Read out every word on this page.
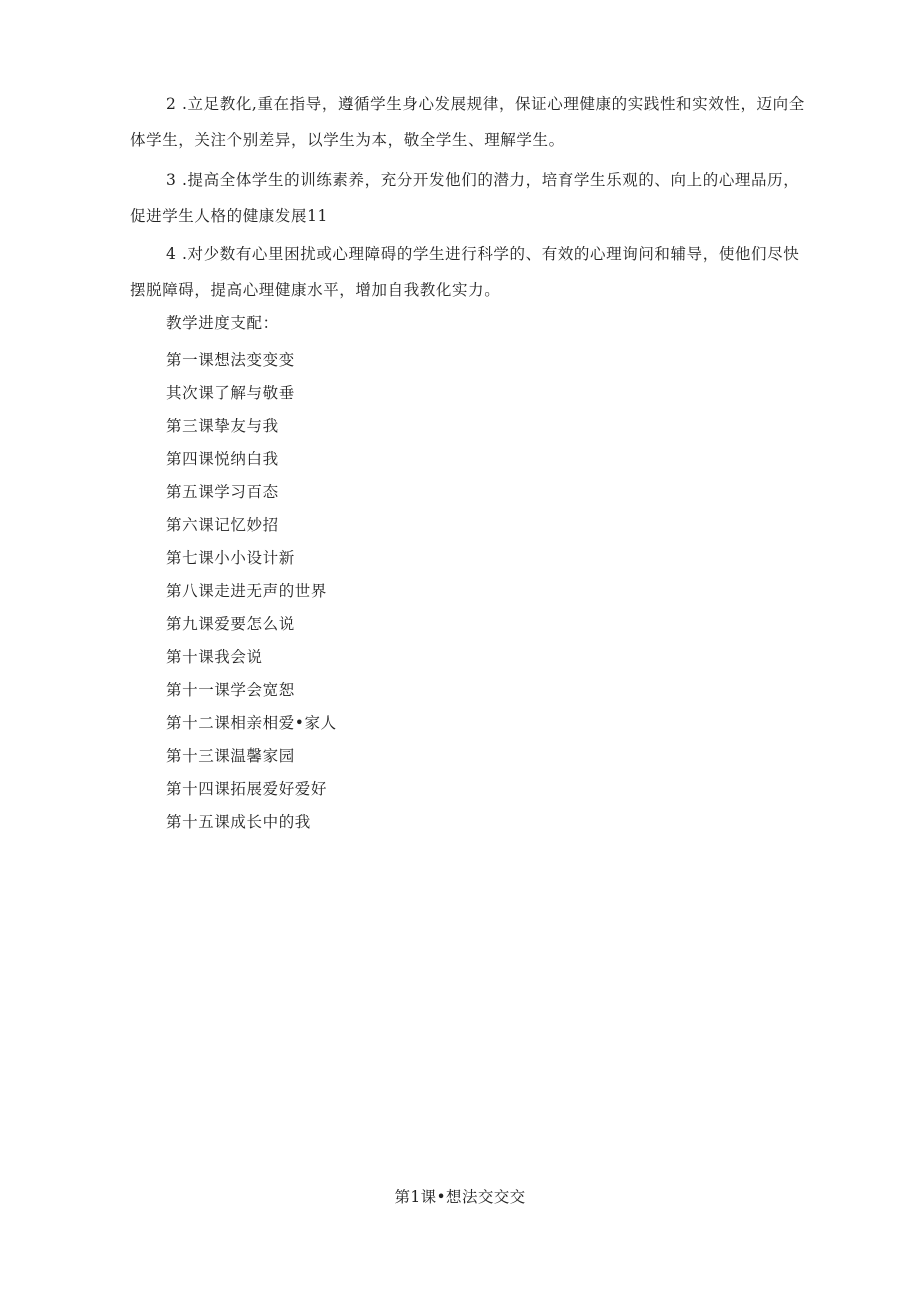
2 .立足教化,重在指导，遵循学生身心发展规律，保证心理健康的实践性和实效性，迈向全体学生，关注个别差异，以学生为本，敬全学生、理解学生。

3 .提高全体学生的训练素养，充分开发他们的潜力，培育学生乐观的、向上的心理品历，促进学生人格的健康发展11

4 .对少数有心里困扰或心理障碍的学生进行科学的、有效的心理询问和辅导，使他们尽快摆脱障碍，提高心理健康水平，增加自我教化实力。

教学进度支配：

第一课想法变变变
其次课了解与敬垂
第三课挚友与我
第四课悦纳白我
第五课学习百态
第六课记忆妙招
第七课小小设计新
第八课走进无声的世界
第九课爱要怎么说
第十课我会说
第十一课学会宽恕
第十二课相亲相爱•家人
第十三课温馨家园
第十四课拓展爱好爱好
第十五课成长中的我

第1课•想法交交交
